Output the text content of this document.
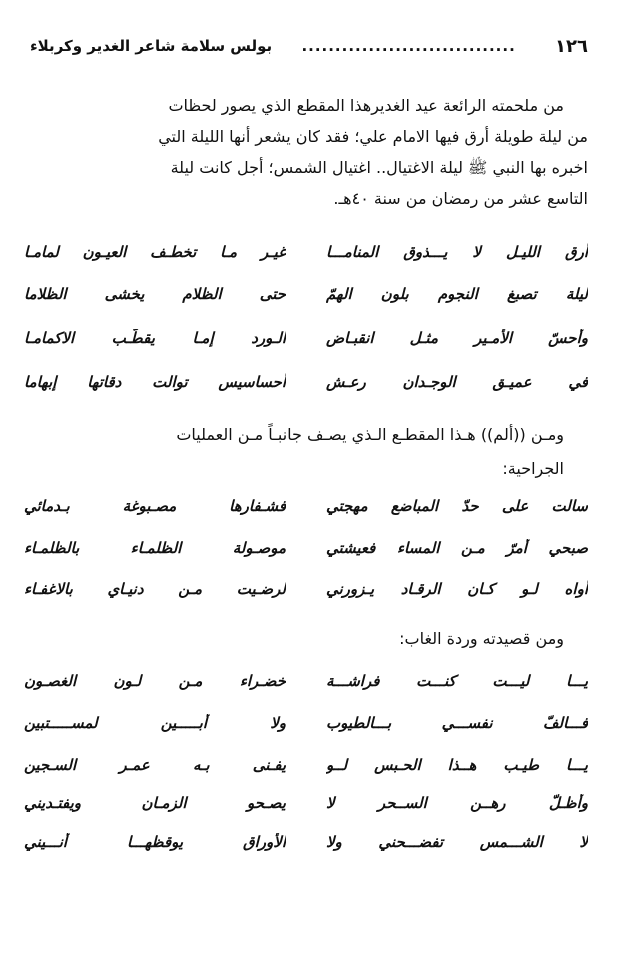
١٢٦
................................
بولس سلامة شاعر الغدير وكربلاء
من ملحمته الرائعة عيد الغديرهذا المقطع الذي يصور لحظات
من ليلة طويلة أرق فيها الامام علي؛ فقد كان يشعر أنها الليلة التي
اخبره بها النبي ﷺ ليلة الاغتيال.. اغتيال الشمس؛ أجل كانت ليلة
التاسع عشر من رمضان من سنة ٤٠هـ.
أرق الليـل لا يـــذوق المنامـــا
غيـر مـا تخطـف العيـون لمامـا
ليلة تصبغ النجوم بلون الهمّ
حتى الظلام يخشى الظلاما
وأحسّ الأمـير مثـل انقبـاض
الـورد إمـا يقطّـب الاكمامـا
في عميـق الوجـدان رعـش
أحساسيس توالت دقاتها إبهاما
ومـن ((ألم)) هـذا المقطـع الـذي يصـف جانبـاً مـن العمليات
الجراحية:
سالت على حدّ المباضع مهجتي
فشـفارها مصـبوغة بـدمائي
صبحي أمرّ مـن المساء فعيشتي
موصـولة الظلمـاء بالظلمـاء
أواه لـو كـان الرقـاد يـزورني
لرضـيت مـن دنيـاي بالاغفـاء
ومن قصيدته وردة الغاب:
يـــا ليـــت كنـــت فراشـــة
خضـراء مـن لـون الغصـون
فـــالفّ نفســـي بـــالطيوب
ولا أبـــــين لمســـــتبين
يـــا طيـب هــذا الحـبس لــو
يفـنى بـه عمـر السـجين
وأظـلّ رهــن الســحر لا
يصـحو الزمـان ويفتـديني
لا الشـــمس تفضـــحني ولا
الأوراق يوقظهـــا أنـــيني
